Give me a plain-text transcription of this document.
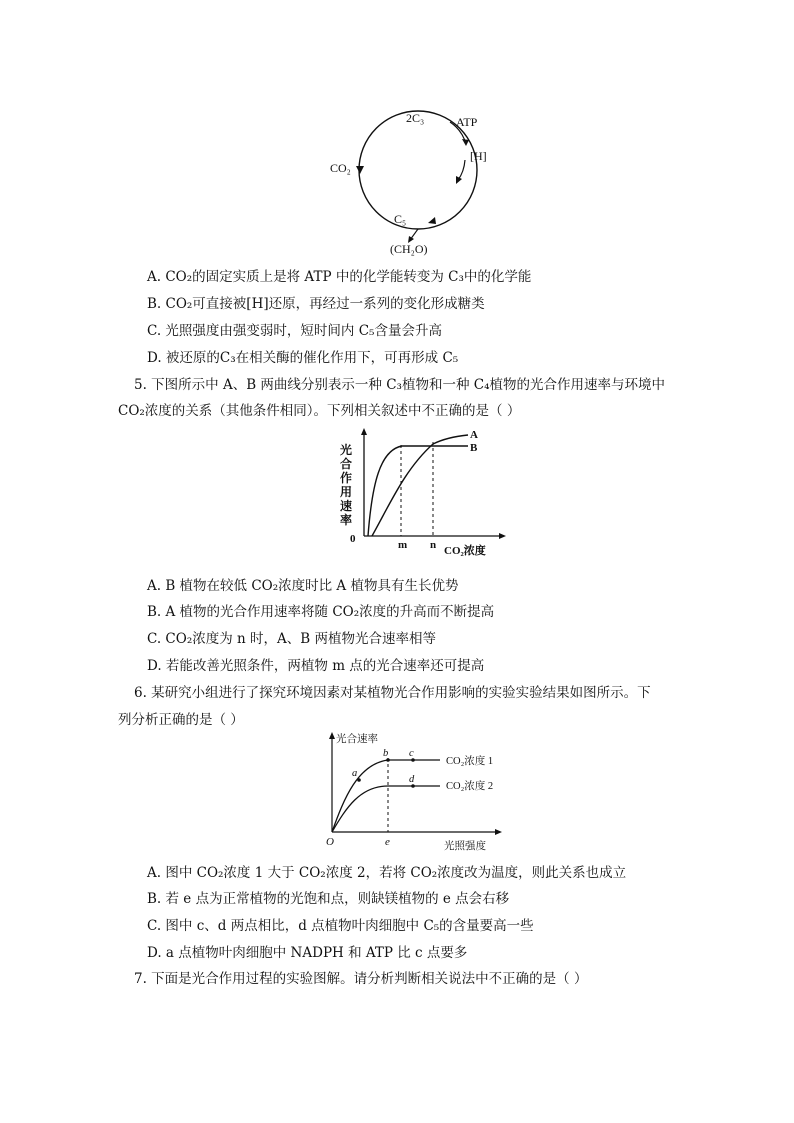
2C₃	ATP
[H]
CO₂
C₅
(CH₂O)
A. CO₂的固定实质上是将 ATP 中的化学能转变为 C₃中的化学能
B. CO₂可直接被[H]还原，再经过一系列的变化形成糖类
C. 光照强度由强变弱时，短时间内 C₅含量会升高
D. 被还原的C₃在相关酶的催化作用下，可再形成 C₅
5. 下图所示中 A、B 两曲线分别表示一种 C₃植物和一种 C₄植物的光合作用速率与环境中
CO₂浓度的关系（其他条件相同）。下列相关叙述中不正确的是（ ）
光
合
作
用
速
率
0	m n CO₂浓度
A
B
A. B 植物在较低 CO₂浓度时比 A 植物具有生长优势
B. A 植物的光合作用速率将随 CO₂浓度的升高而不断提高
C. CO₂浓度为 n 时，A、B 两植物光合速率相等
D. 若能改善光照条件，两植物 m 点的光合速率还可提高
6. 某研究小组进行了探究环境因素对某植物光合作用影响的实验实验结果如图所示。下
列分析正确的是（ ）
光合速率
O	e	光照强度
a
b c
d
CO₂浓度 1
CO₂浓度 2
A. 图中 CO₂浓度 1 大于 CO₂浓度 2，若将 CO₂浓度改为温度，则此关系也成立
B. 若 e 点为正常植物的光饱和点，则缺镁植物的 e 点会右移
C. 图中 c、d 两点相比，d 点植物叶肉细胞中 C₅的含量要高一些
D. a 点植物叶肉细胞中 NADPH 和 ATP 比 c 点要多
7. 下面是光合作用过程的实验图解。请分析判断相关说法中不正确的是（ ）
